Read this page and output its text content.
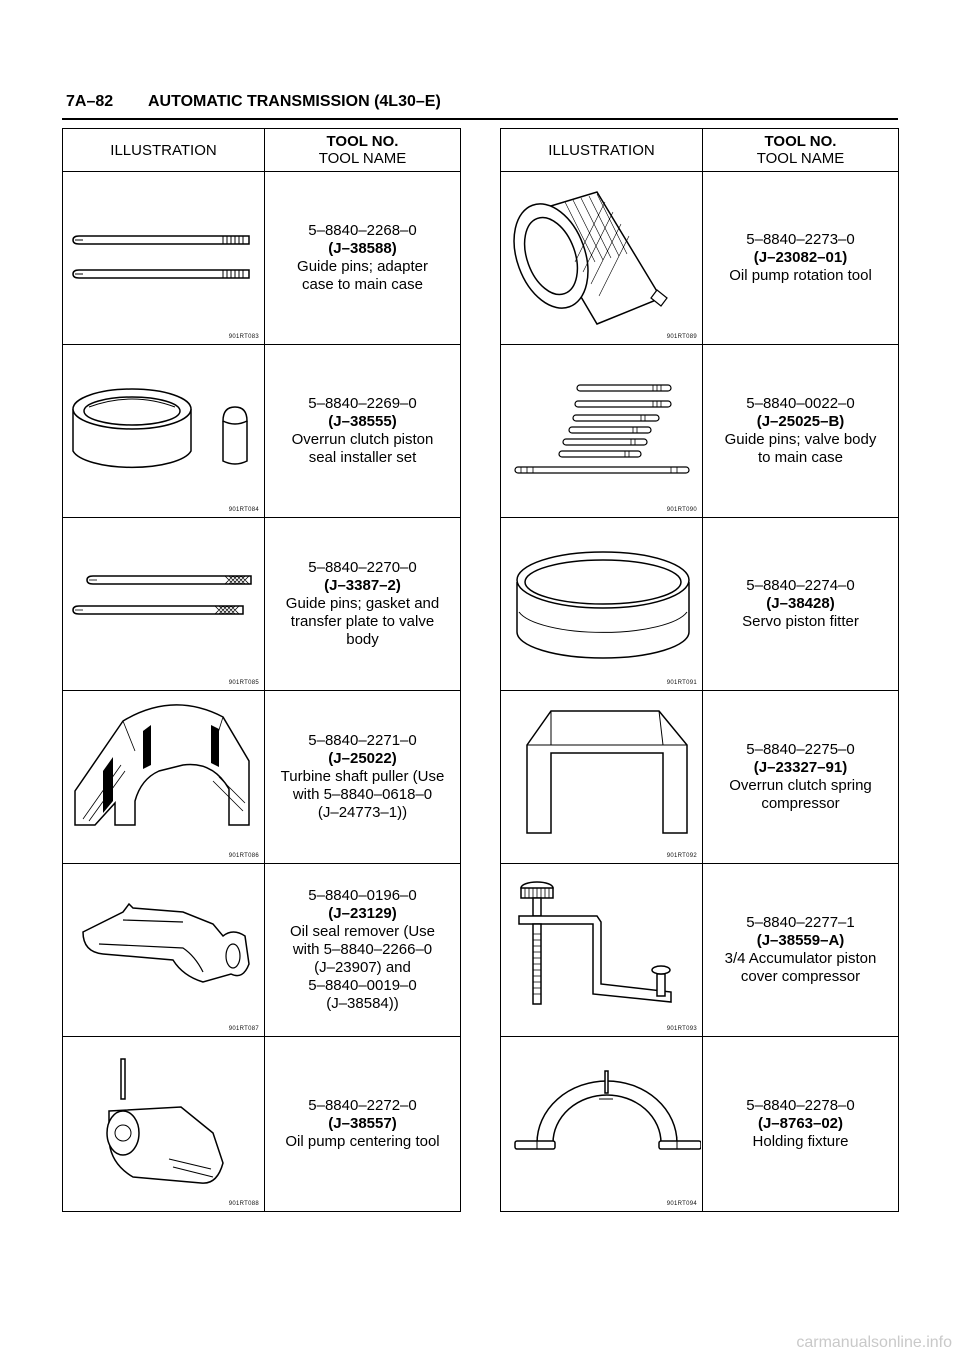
7A–82 AUTOMATIC TRANSMISSION (4L30–E)
ILLUSTRATION	TOOL NO.
TOOL NAME
901RT083
5–8840–2268–0
(J–38588)
Guide pins; adapter
case to main case
901RT084
5–8840–2269–0
(J–38555)
Overrun clutch piston
seal installer set
901RT085
5–8840–2270–0
(J–3387–2)
Guide pins; gasket and
transfer plate to valve
body
901RT086
5–8840–2271–0
(J–25022)
Turbine shaft puller (Use
with 5–8840–0618–0
(J–24773–1))
901RT087
5–8840–0196–0
(J–23129)
Oil seal remover (Use
with 5–8840–2266–0
(J–23907) and
5–8840–0019–0
(J–38584))
901RT088
5–8840–2272–0
(J–38557)
Oil pump centering tool
ILLUSTRATION	TOOL NO.
TOOL NAME
901RT089
5–8840–2273–0
(J–23082–01)
Oil pump rotation tool
901RT090
5–8840–0022–0
(J–25025–B)
Guide pins; valve body
to main case
901RT091
5–8840–2274–0
(J–38428)
Servo piston fitter
901RT092
5–8840–2275–0
(J–23327–91)
Overrun clutch spring
compressor
901RT093
5–8840–2277–1
(J–38559–A)
3/4 Accumulator piston
cover compressor
901RT094
5–8840–2278–0
(J–8763–02)
Holding fixture
carmanualsonline.info
